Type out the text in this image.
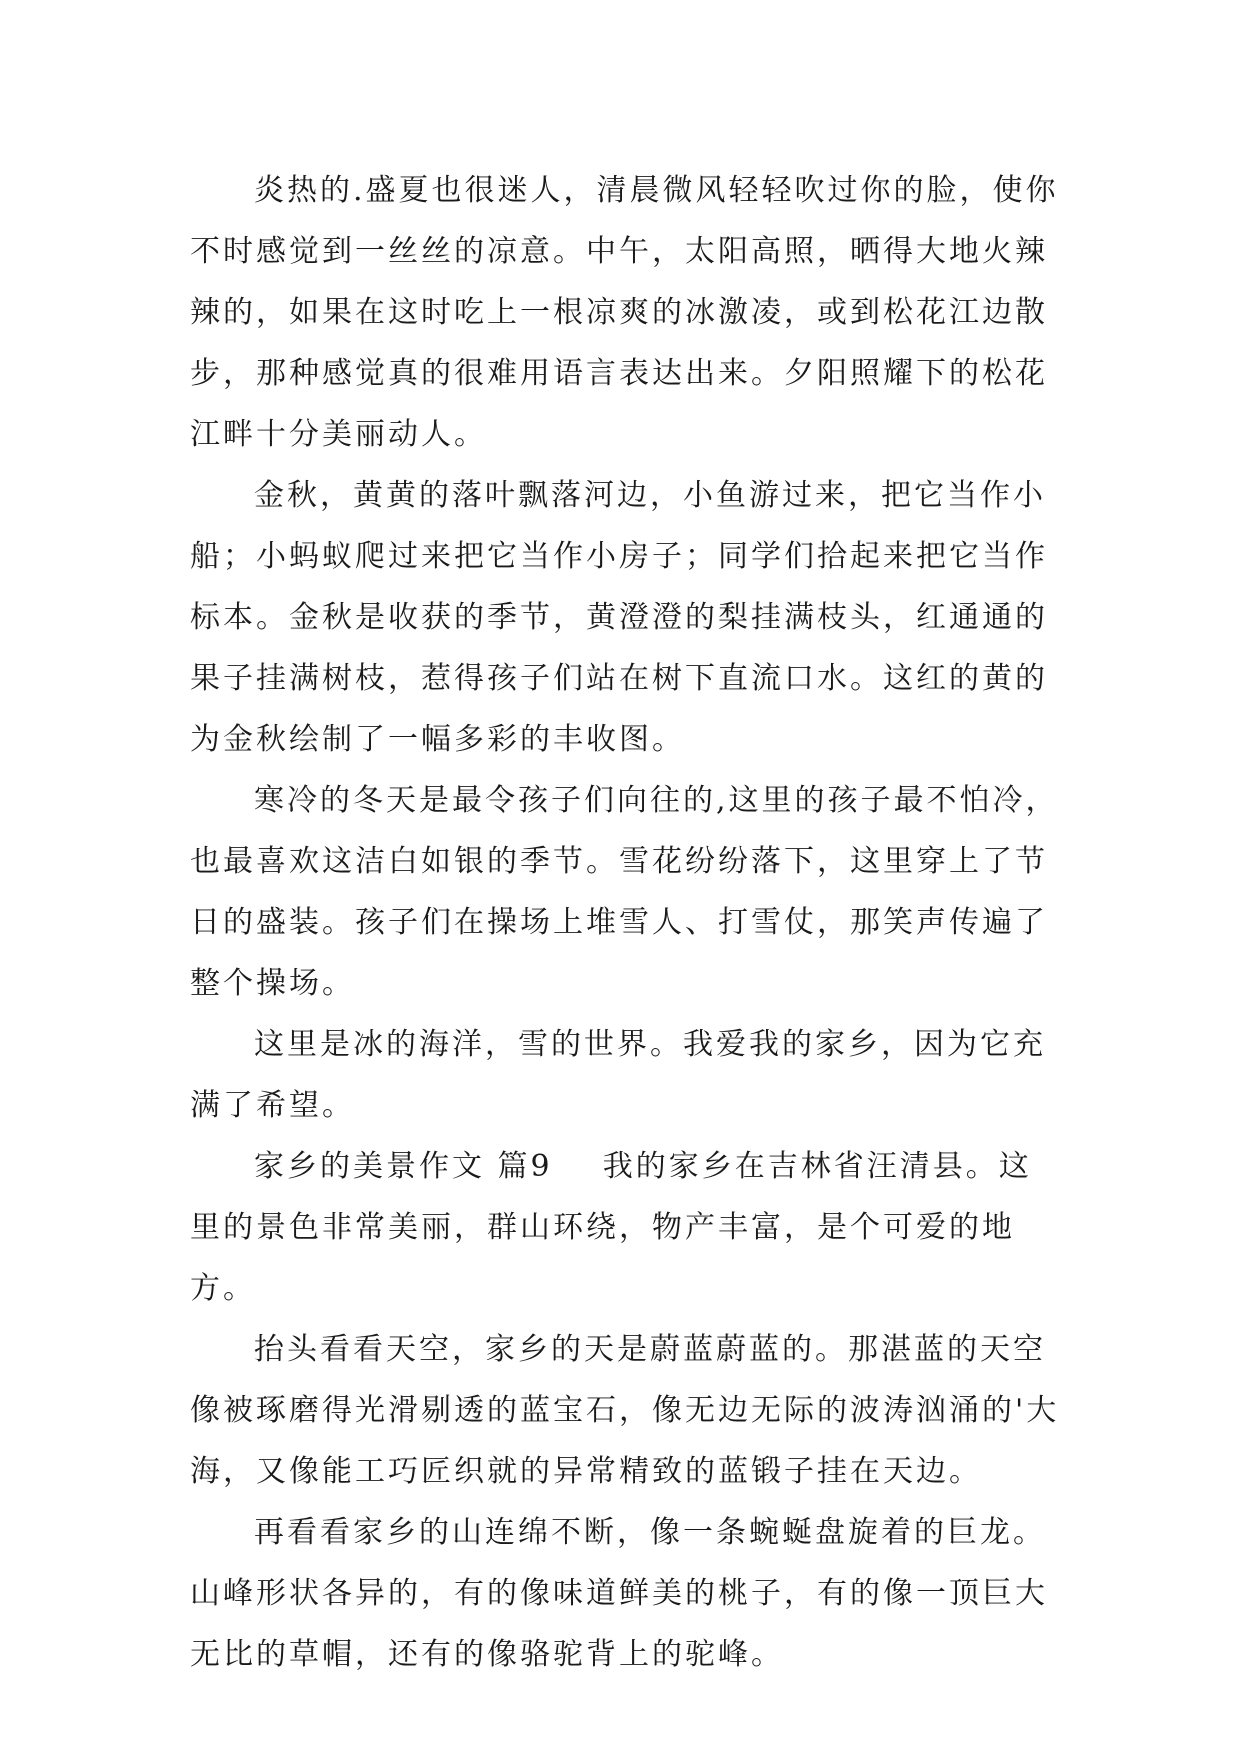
炎热的.盛夏也很迷人，清晨微风轻轻吹过你的脸，使你不时感觉到一丝丝的凉意。中午，太阳高照，晒得大地火辣辣的，如果在这时吃上一根凉爽的冰激凌，或到松花江边散步，那种感觉真的很难用语言表达出来。夕阳照耀下的松花江畔十分美丽动人。

金秋，黄黄的落叶飘落河边，小鱼游过来，把它当作小船；小蚂蚁爬过来把它当作小房子；同学们拾起来把它当作标本。金秋是收获的季节，黄澄澄的梨挂满枝头，红通通的果子挂满树枝，惹得孩子们站在树下直流口水。这红的黄的为金秋绘制了一幅多彩的丰收图。

寒冷的冬天是最令孩子们向往的,这里的孩子最不怕冷，也最喜欢这洁白如银的季节。雪花纷纷落下，这里穿上了节日的盛装。孩子们在操场上堆雪人、打雪仗，那笑声传遍了整个操场。

这里是冰的海洋，雪的世界。我爱我的家乡，因为它充满了希望。

家乡的美景作文 篇9    我的家乡在吉林省汪清县。这里的景色非常美丽，群山环绕，物产丰富，是个可爱的地方。

抬头看看天空，家乡的天是蔚蓝蔚蓝的。那湛蓝的天空像被琢磨得光滑剔透的蓝宝石，像无边无际的波涛汹涌的'大海，又像能工巧匠织就的异常精致的蓝锻子挂在天边。

再看看家乡的山连绵不断，像一条蜿蜒盘旋着的巨龙。山峰形状各异的，有的像味道鲜美的桃子，有的像一顶巨大无比的草帽，还有的像骆驼背上的驼峰。
